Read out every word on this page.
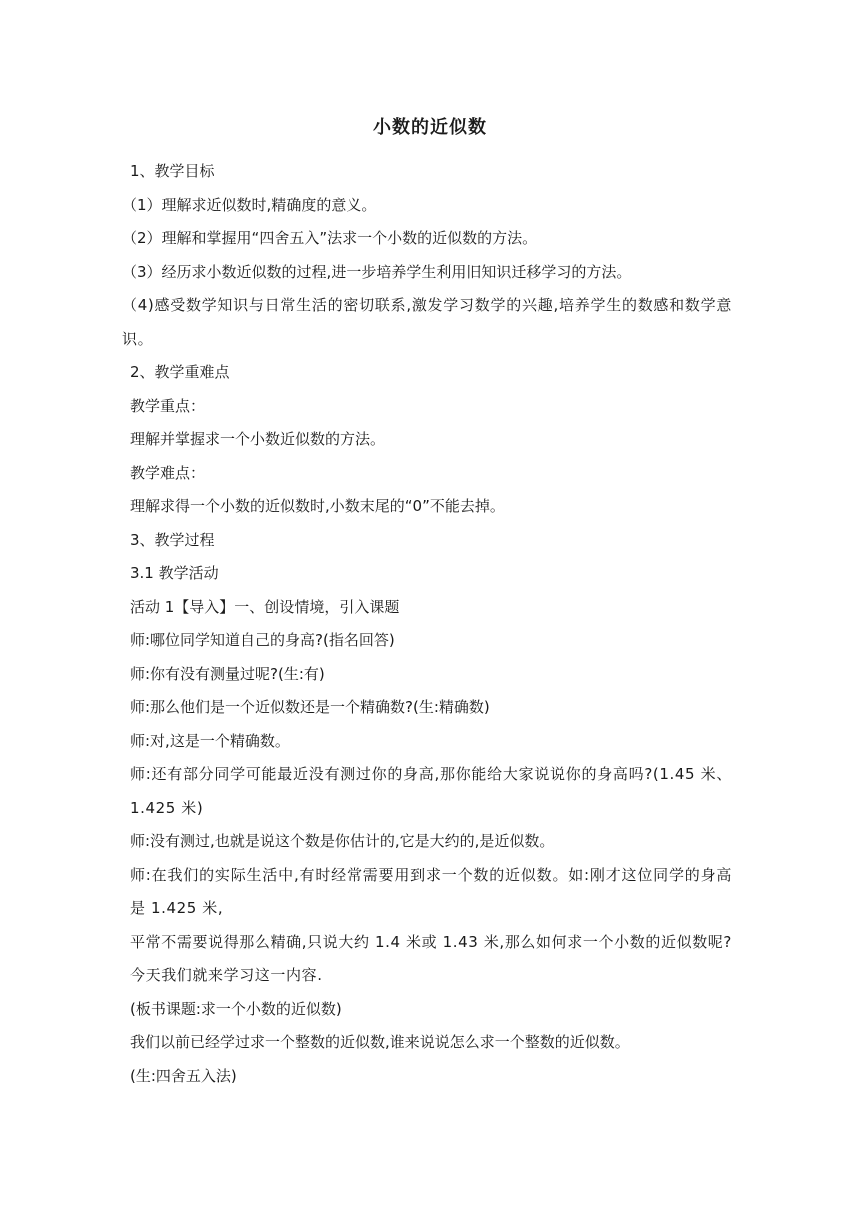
小数的近似数

1、教学目标

（1）理解求近似数时,精确度的意义。

（2）理解和掌握用“四舍五入”法求一个小数的近似数的方法。

（3）经历求小数近似数的过程,进一步培养学生利用旧知识迁移学习的方法。

（4)感受数学知识与日常生活的密切联系,激发学习数学的兴趣,培养学生的数感和数学意识。

2、教学重难点

教学重点：

理解并掌握求一个小数近似数的方法。

教学难点：

理解求得一个小数的近似数时,小数末尾的“0”不能去掉。

3、教学过程

3.1 教学活动

活动 1【导入】一、创设情境，引入课题

师:哪位同学知道自己的身高?(指名回答)

师:你有没有测量过呢?(生:有)

师:那么他们是一个近似数还是一个精确数?(生:精确数)

师:对,这是一个精确数。

师:还有部分同学可能最近没有测过你的身高,那你能给大家说说你的身高吗?(1.45 米、1.425 米)

师:没有测过,也就是说这个数是你估计的,它是大约的,是近似数。

师:在我们的实际生活中,有时经常需要用到求一个数的近似数。如:刚才这位同学的身高是 1.425 米,

平常不需要说得那么精确,只说大约 1.4 米或 1.43 米,那么如何求一个小数的近似数呢?今天我们就来学习这一内容.

(板书课题:求一个小数的近似数)

我们以前已经学过求一个整数的近似数,谁来说说怎么求一个整数的近似数。

(生:四舍五入法)
